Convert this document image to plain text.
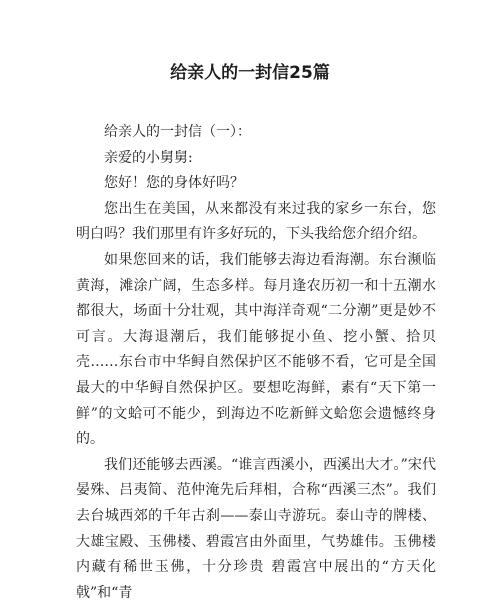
给亲人的一封信25篇

给亲人的一封信（一）：

亲爱的小舅舅:

您好！您的身体好吗？

您出生在美国，从来都没有来过我的家乡一东台，您明白吗？我们那里有许多好玩的，下头我给您介绍介绍。

如果您回来的话，我们能够去海边看海潮。东台濒临黄海，滩涂广阔，生态多样。每月逢农历初一和十五潮水都很大，场面十分壮观，其中海洋奇观“二分潮”更是妙不可言。大海退潮后，我们能够捉小鱼、挖小蟹、拾贝壳……东台市中华鲟自然保护区不能够不看，它可是全国最大的中华鲟自然保护区。要想吃海鲜，素有“天下第一鲜”的文蛤可不能少，到海边不吃新鲜文蛤您会遗憾终身的。

我们还能够去西溪。“谁言西溪小，西溪出大才。”宋代晏殊、吕夷简、范仲淹先后拜相，合称“西溪三杰”。我们去台城西郊的千年古刹——泰山寺游玩。泰山寺的牌楼、大雄宝殿、玉佛楼、碧霞宫由外面里，气势雄伟。玉佛楼内藏有稀世玉佛，十分珍贵 碧霞宫中展出的“方天化戟”和“青
